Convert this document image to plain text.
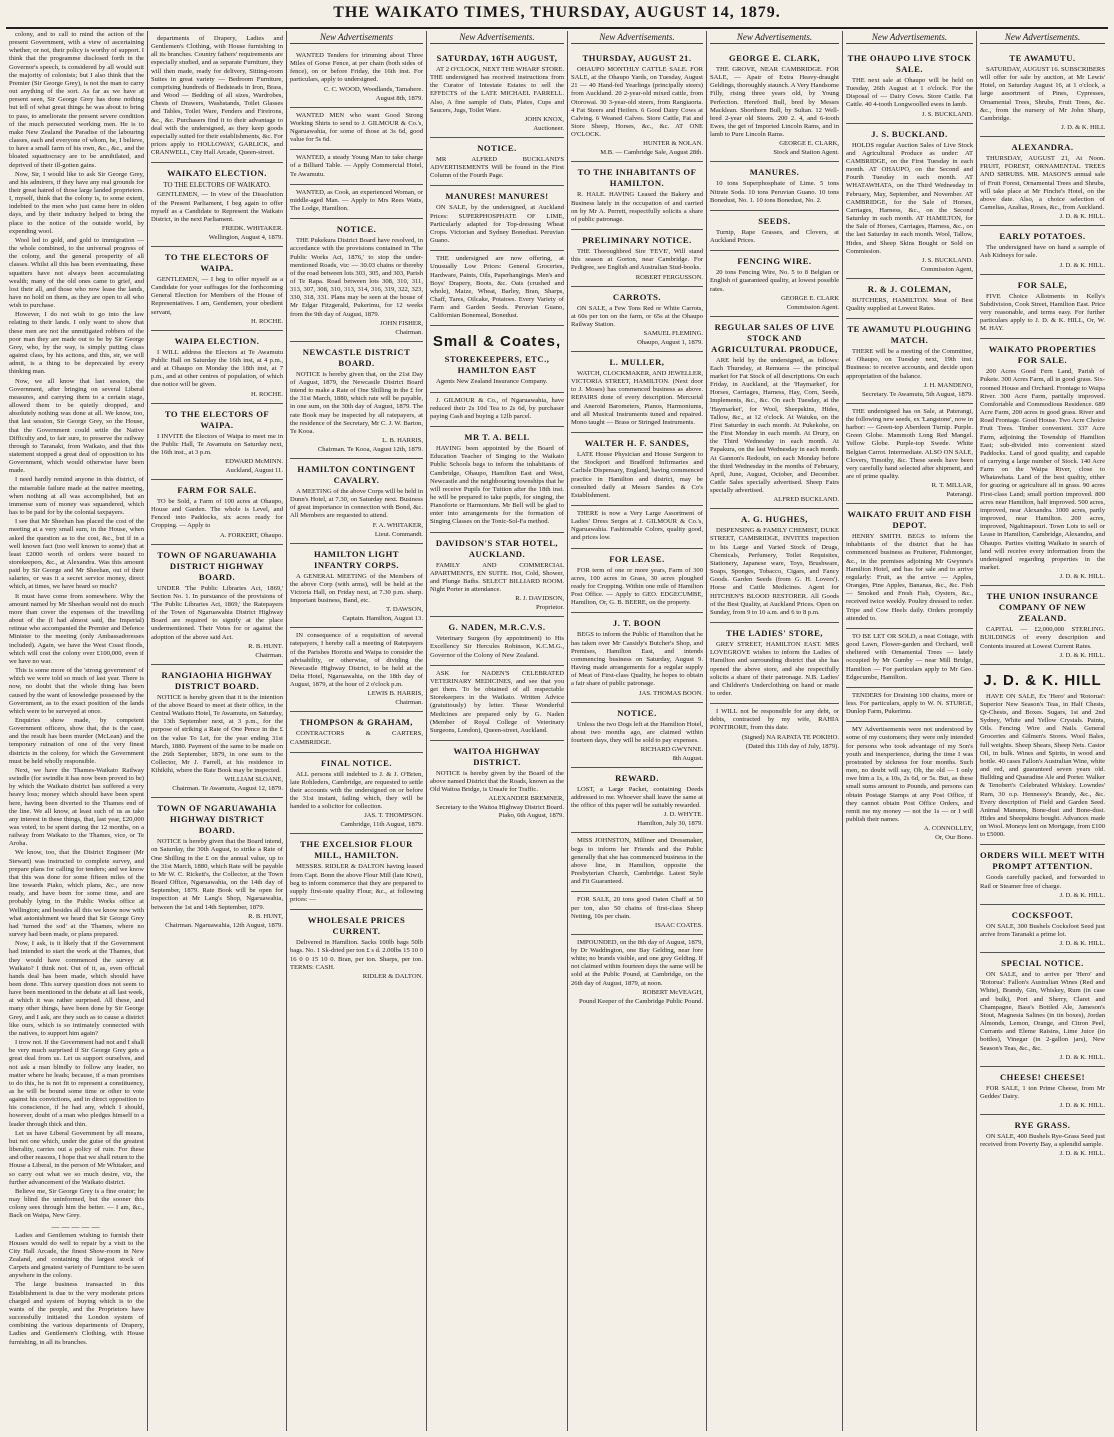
THE WAIKATO TIMES, THURSDAY, AUGUST 14, 1879.

colony, and to call to mind the action of the present Government, with a view of ascertaining whether, or not, their policy is worthy of support. I think that the programme disclosed forth in the Governor's speech, is considered by all would suit the majority of colonists; but I also think that the Premier (Sir George Grey), is not the man to carry out anything of the sort. As far as we have at present seen, Sir George Grey has done nothing but tell of what great things he was about to bring to pass, to ameliorate the present severe condition of the much persecuted working men. He is to make New Zealand the Paradise of the labouring classes, each and everyone of whom, he, I believe, to have a small farm of his own, &c., &c., and the bloated squattocracy are to be annihilated, and deprived of their ill-gotten gains.

Now, Sir, I would like to ask Sir George Grey, and his admirers, if they have any real grounds for their great hatred of those large landed proprietors. I, myself, think that the colony is, to some extent, indebted to the men who just came here in olden days, and by their industry helped to bring the place to the notice of the outside world, by expending wool.

Wool led to gold, and gold to immigration — the whole combined, to the universal progress of the colony, and the general prosperity of all classes. Whilst all this has been eventuating, these squatters have not always been accumulating wealth; many of the old ones came to grief, and lost their all, and those who now lease the lands, have no hold on them, as they are open to all who wish to purchase.

However, I do not wish to go into the law relating to their lands. I only want to show that these men are not the unmitigated robbers of the poor man they are made out to be by Sir George Grey, who, by the way, is simply putting class against class, by his actions, and this, sir, we will admit, is a thing to be deprecated by every thinking man.

Now, we all know that last session, the Government, after bringing on several Liberal measures, and carrying them to a certain stage, allowed them to be quietly dropped, and absolutely nothing was done at all. We know, too, that last session, Sir George Grey, so the House, that the Government could settle the Native Difficulty and, to fair sure, to preserve the railway through to Taranaki, from Waikato, and that this statement stopped a great deal of opposition to his Government, which would otherwise have been made.

I need hardly remind anyone in this district, of the miserable failure made at the native meeting, when nothing at all was accomplished, but an immense sum of money was squandered, which has to be paid for by the colonial taxpayers.

I see that Mr Sheehan has placed the cost of the meeting at a very small sum, in the House, when asked the question as to the cost, &c., but if in a well known fact (too well known to some) that at least £2000 worth of orders were issued to storekeepers, &c., at Alexandra. Was this amount paid by Sir George and Mr Sheehan, out of their salaries, or was it a secret service money, direct which, at times, we have heard so much?

It must have come from somewhere. Why the amount named by Mr Sheehan would not do much more than cover the expenses of the travelling about of the (I had almost said, the Imperial) retinue who accompanied the Premier and Defence Minister to the meeting (only Ambassadoresses included). Again, we have the West Coast floods, which will cost the colony over £100,000, even if we have no war.

This is some more of the 'strong government' of which we were told so much of last year. There is now, no doubt that the whole thing has been caused by the want of knowledge possessed by the Government, as to the exact position of the lands which were to be surveyed at once.

Enquiries show made, by competent Government officers, show that, the is the case, and the result has been murder (McLean) and the temporary ruination of one of the very finest districts in the colony, for which the Government must be held wholly responsible.

Next, we have the Thames-Waikato Railway swindle (for swindle it has now been proved to be) by which the Waikato district has suffered a very heavy loss; money which should have been spent here, having been diverted to the Thames end of the line. We all know, at least such of us as take any interest in these things, that, last year, £20,000 was voted, to be spent during the 12 months, on a railway from Waikato to the Thames, vice, or Te Aroha.

We know, too, that the District Engineer (Mr Stewart) was instructed to complete survey, and prepare plans for calling for tenders; and we know that this was done for some fifteen miles of the line towards Piako, which plans, &c., are now ready, and have been for some time, and are probably lying in the Public Works office at Wellington; and besides all this we know now with what astonishment we heard that Sir George Grey had 'turned the sod' at the Thames, where no survey had been made, or plans prepared.

Now, I ask, is it likely that if the Government had intended to start the work at the Thames, that they would have commenced the survey at Waikato? I think not. Out of it, as, even official hands deal has been made, which should have been done. This survey question does not seem to have been mentioned in the debate at all last week, at which it was rather surprised. All these, and many other things, have been done by Sir George Grey, and I ask, are they such as to cause a district like ours, which is so intimately connected with the natives, to support him again?

I trow not. If the Government had not and I shall be very much surprised if Sir George Grey gets a great deal from us. Let us support ourselves, and not ask a man blindly to follow any leader, no matter where he leads; because, if a man promises to do this, he is not fit to represent a constituency, as he will be bound some time or other to vote against his convictions, and in direct opposition to his conscience, if he had any, which I should, however, doubt of a man who pledges himself to a leader through thick and thin.

Let us have Liberal Government by all means, but not one which, under the guise of the greatest liberality, carries out a policy of ruin. For these and other reasons, I hope that we shall return to the House a Liberal, in the person of Mr Whitaker, and so carry out what we so much desire, viz, the further advancement of the Waikato district.

Believe me, Sir George Grey is a fine orator; he may blind the uninformed, but the sooner this colony sees through him the better. — I am, &c., Back on Waipa, New Grey.

—————

Ladies and Gentlemen wishing to furnish their Houses would do well to repair by a visit to the City Hall Arcade, the finest Show-room in New Zealand, and containing the largest stock of Carpets and greatest variety of Furniture to be seen anywhere in the colony.

The large business transacted in this Establishment is due to the very moderate prices charged and system of buying which is to the wants of the people, and the Proprietors have successfully initiated the London system of combining the various departments of Drapery, Ladies and Gentlemen's Clothing, with House furnishing, in all its branches.

departments of Drapery, Ladies and Gentlemen's Clothing, with House furnishing in all its branches. Country fathers' requirements are especially studied, and as separate Furniture, they will then made, ready for delivery, Sitting-room Suites in great variety — Bedroom Furniture, comprising hundreds of Bedsteads in Iron, Brass, and Wood — Bedding of all sizes, Wardrobes, Chests of Drawers, Washstands, Toilet Glasses and Tables, Toilet Ware, Fenders and Fireirons, &c., &c. Purchasers find it to their advantage to deal with the undersigned, as they keep goods especially suited for their establishments, &c. For prices apply to HOLLOWAY, GARLICK, and CRANWELL, City Hall Arcade, Queen-street.

WAIKATO ELECTION.
TO THE ELECTORS OF WAIKATO.

GENTLEMEN, — In view of the Dissolution of the Present Parliament, I beg again to offer myself as a Candidate to Represent the Waikato District, in the next Parliament.

FREDK. WHITAKER.
Wellington, August 4, 1879.
TO THE ELECTORS OF WAIPA.

GENTLEMEN, — I beg to offer myself as a Candidate for your suffrages for the forthcoming General Election for Members of the House of Representatives. I am, Gentlemen, your obedient servant,

H. ROCHE.
WAIPA ELECTION.

I WILL address the Electors at Te Awamutu Public Hall on Saturday the 16th inst, at 4 p.m., and at Ohaupo on Monday the 18th inst, at 7 p.m., and at other centres of population, of which due notice will be given.

H. ROCHE.
TO THE ELECTORS OF WAIPA.

I INVITE the Electors of Waipa to meet me in the Public Hall, Te Awamutu on Saturday next, the 16th inst., at 3 p.m.

EDWARD McMINN.
Auckland, August 11.
FARM FOR SALE.

TO be Sold, a Farm of 100 acres at Ohaupo, House and Garden. The whole is Level, and Fenced into Paddocks, six acres ready for Cropping. — Apply to

A. FORKERT, Ohaupo.
TOWN OF NGARUAWAHIA DISTRICT HIGHWAY BOARD.

UNDER 'The Public Libraries Act, 1869,' Section No. 1. In pursuance of the provisions of 'The Public Libraries Act, 1869,' the Ratepayers of the Town of Ngaruawahia District Highway Board are required to signify at the place undermentioned. Their Votes for or against the adoption of the above said Act.

R. B. HUNT.
Chairman.
RANGIAOHIA HIGHWAY DISTRICT BOARD.

NOTICE is hereby given that it is the intention of the above Board to meet at their office, in the Central Waikato Hotel, Te Awamutu, on Saturday, the 13th September next, at 3 p.m., for the purpose of striking a Rate of One Pence in the £ on the value To Let, for the year ending 31st March, 1880. Payment of the same to be made on the 26th September, 1879, in one sum to the Collector, Mr J. Farrell, at his residence in Kihikihi, where the Rate Book may be inspected.

WILLIAM SLOANE,
Chairman. Te Awamutu, August 12, 1879.
TOWN OF NGARUAWAHIA HIGHWAY DISTRICT BOARD.

NOTICE is hereby given that the Board intend, on Saturday, the 30th August, to strike a Rate of One Shilling in the £ on the annual value, up to the 31st March, 1880, which Rate will be payable to Mr W. C. Rickett's, the Collector, at the Town Board Office, Ngaruawahia, on the 14th day of September, 1879. Rate Book will be open for inspection at Mr Lang's Shop, Ngaruawahia, between the 1st and 14th September, 1879.

R. B. HUNT,
Chairman. Ngaruawahia, 12th August, 1879.
New Advertisements

WANTED Tenders for trimming about Three Miles of Gorse Fence, at per chain (both sides of fence), on or before Friday, the 16th inst. For particulars, apply to undersigned.

C. C. WOOD, Woodlands, Tamahere.
August 8th, 1879.

WANTED MEN who want Good Strong Working Shirts to send to J. GILMOUR & Co.'s, Ngaruawahia, for some of those at 3s 6d, good value for 5s 6d.

WANTED, a steady Young Man to take charge of a Billiard Table. — Apply Commercial Hotel, Te Awamutu.

WANTED, as Cook, an experienced Woman, or middle-aged Man. — Apply to Mrs Rees Watts, The Lodge, Hamilton.

NOTICE.

THE Pukekura District Board have resolved, in accordance with the provisions contained in 'The Public Works Act, 1876,' to stop the under-mentioned Roads, viz: — 30.03 chains or thereby of the road between lots 303, 305, and 303, Parish of Te Rapa. Road between lots 308, 310, 311, 313, 307, 308, 310, 313, 314, 316, 319, 322, 323, 330, 318, 331. Plans may be seen at the house of Mr Edgar Fitzgerald, Pukerimu, for 12 weeks from the 9th day of August, 1879.

JOHN FISHER,
Chairman.
NEWCASTLE DISTRICT BOARD.

NOTICE is hereby given that, on the 21st Day of August, 1879, the Newcastle District Board intend to make a Rate of One Shilling in the £ for the 31st March, 1880, which rate will be payable, in one sum, on the 30th day of August, 1879. The rate Book may be inspected by all ratepayers, at the residence of the Secretary, Mr C. J. W. Barton, Te Kooa.

L. B. HARRIS,
Chairman. Te Kooa, August 12th, 1879.
HAMILTON CONTINGENT CAVALRY.

A MEETING of the above Corps will be held in Dunn's Hotel, at 7.30, on Saturday next. Business of great importance in connection with Bond, &c. All Members are requested to attend.

F. A. WHITAKER,
Lieut. Commandt.
HAMILTON LIGHT INFANTRY CORPS.

A GENERAL MEETING of the Members of the above Corp (with arms), will be held at the Victoria Hall, on Friday next, at 7.30 p.m. sharp. Important business, Band, etc.

T. DAWSON,
Captain. Hamilton, August 13.

IN consequence of a requisition of several ratepayers, I hereby call a meeting of Ratepayers of the Parishes Horotiu and Waipa to consider the advisability, or otherwise, of dividing the Newcastle Highway District, to be held at the Delta Hotel, Ngaruawahia, on the 18th day of August, 1879, at the hour of 2 o'clock p.m.

LEWIS B. HARRIS,
Chairman.
THOMPSON & GRAHAM,

CONTRACTORS & CARTERS, CAMBRIDGE.

FINAL NOTICE.

ALL persons still indebted to J. & J. O'Brien, late Rohleders, Cambridge, are requested to settle their accounts with the undersigned on or before the 31st instant, failing which, they will be handed to a solicitor for collection.

JAS. T. THOMPSON.
Cambridge, 11th August, 1879.
THE EXCELSIOR FLOUR MILL, HAMILTON.

MESSRS. RIDLER & DALTON having leased from Capt. Bonn the above Flour Mill (late Kiwi), beg to inform commerce that they are prepared to supply first-rate quality Flour, &c., at following prices: —

WHOLESALE PRICES CURRENT.

Delivered in Hamilton. Sacks 100lb bags 50lb bags. No. 1 Sk-dried per ton £ s d. 2.00lbs 15 10 0 16 0 0 15 10 0. Bran, per ton. Sharps, per ton. TERMS: CASH.

RIDLER & DALTON.
New Advertisements.
SATURDAY, 16TH AUGUST,

AT 2 O'CLOCK, NEXT THE WHARF STORE. THE undersigned has received instructions from the Curator of Intestate Estates to sell the EFFECTS of the LATE MICHAEL FARRELL. Also, A fine sample of Oats, Plates, Cups and Saucers, Jugs, Toilet Ware.

JOHN KNOX,
Auctioneer.
NOTICE.

MR ALFRED BUCKLAND'S ADVERTISEMENTS Will be found in the First Column of the Fourth Page.

MANURES! MANURES!

ON SALE, by the undersigned, at Auckland Prices: SUPERPHOSPHATE OF LIME, Particularly adapted for Top-dressing Wheat Crops. Victorian and Sydney Bonedust. Peruvian Guano.

THE undersigned are now offering, at Unusually Low Prices: General Groceries, Hardware, Paints, Oils, Paperhangings. Men's and Boys' Drapery, Boots, &c. Oats (crushed and whole), Maize, Wheat, Barley, Bran, Sharps, Chaff, Tares, Oilcake, Potatoes. Every Variety of Farm and Garden Seeds. Peruvian Guano, Californian Bonemeal, Bonedust.

Small & Coates,
STOREKEEPERS, ETC., HAMILTON EAST

Agents New Zealand Insurance Company.

J. GILMOUR & Co., of Ngaruawahia, have reduced their 2s 10d Tea to 2s 6d, by purchaser paying Cash and buying a 12lb parcel.

MR T. A. BELL

HAVING been appointed by the Board of Education Teacher of Singing to the Waikato Public Schools begs to inform the inhabitants of Cambridge, Ohaupo, Hamilton East and West, Newcastle and the neighbouring townships that he will receive Pupils for Tuition after the 18th inst. he will be prepared to take pupils, for singing, the Pianoforte or Harmonium. Mr Bell will be glad to enter into arrangements for the formation of Singing Classes on the Tonic-Sol-Fa method.

DAVIDSON'S STAR HOTEL, AUCKLAND.

FAMILY AND COMMERCIAL APARTMENTS, EN SUITE. Hot, Cold, Shower, and Plunge Baths. SELECT BILLIARD ROOM. Night Porter in attendance.

R. J. DAVIDSON,
Proprietor.
G. NADEN, M.R.C.V.S.

Veterinary Surgeon (by appointment) to His Excellency Sir Hercules Robinson, K.C.M.G., Governor of the Colony of New Zealand.

ASK for NADEN'S CELEBRATED VETERINARY MEDICINES, and see that you get them. To be obtained of all respectable Storekeepers in the Waikato. Written Advice (gratuitously) by letter. These Wonderful Medicines are prepared only by G. Naden (Member of Royal College of Veterinary Surgeons, London), Queen-street, Auckland.

WAITOA HIGHWAY DISTRICT.

NOTICE is hereby given by the Board of the above named District that the Roads, known as the Old Waitoa Bridge, is Unsafe for Traffic.

ALEXANDER BREMNER,
Secretary to the Waitoa Highway District Board. Piako, 6th August, 1879.
New Advertisements.
THURSDAY, AUGUST 21.

OHAUPO MONTHLY CATTLE SALE. FOR SALE, at the Ohaupo Yards, on Tuesday, August 21 — 40 Hand-fed Yearlings (principally steers) from Auckland. 20 2-year-old mixed cattle, from Otorowai. 30 3-year-old steers, from Rangiaoria. 4 Fat Steers and Heifers. 6 Good Dairy Cows at Calving. 6 Weaned Calves. Store Cattle, Fat and Store Sheep, Horses, &c., &c. AT ONE O'CLOCK.

HUNTER & NOLAN.
M.B. — Cambridge Sale, August 28th.
TO THE INHABITANTS OF HAMILTON.

R. HALE. HAVING Leased the Bakery and Business lately in the occupation of and carried on by Mr A. Perrett, respectfully solicits a share of public patronage.

PRELIMINARY NOTICE.

THE Thoroughbred Sire 'FEVE', Will stand this season at Gorton, near Cambridge. For Pedigree, see English and Australian Stud-books.

ROBERT FERGUSSON.
CARROTS.

ON SALE, a Few Tons Red or White Carrots, at 60s per ton on the farm, or 65s at the Ohaupo Railway Station.

SAMUEL FLEMING.
Ohaupo, August 1, 1879.
L. MULLER,

WATCH, CLOCKMAKER, AND JEWELLER, VICTORIA STREET, HAMILTON. (Next door to J. Moses) has commenced business as above. REPAIRS done of every description. Mercurial and Aneroid Barometers, Pianos, Harmoniums, and all Musical Instruments tuned and repaired. Mono taught — Brass or Stringed Instruments.

WALTER H. F. SANDES,

LATE House Physician and House Surgeon to the Stockport and Bradford Infirmaries and Carlisle Dispensary, England, having commenced practice in Hamilton and district, may be consulted daily at Messrs Sandes & Co's Establishment.

THERE is now a Very Large Assortment of Ladies' Dress Serges at J. GILMOUR & Co.'s, Ngaruawahia. Fashionable Colors, quality good, and prices low.

FOR LEASE.

FOR term of one or more years, Farm of 300 acres, 100 acres in Grass, 30 acres ploughed ready for Cropping. Within one mile of Hamilton Post Office. — Apply to GEO. EDGECUMBE, Hamilton, Or, G. B. BEERE, on the property.

J. T. BOON

BEGS to inform the Public of Hamilton that he has taken over Mr Cassidy's Butcher's Shop, and Premises, Hamilton East, and intends commencing business on Saturday, August 9. Having made arrangements for a regular supply of Meat of First-class Quality, he hopes to obtain a fair share of public patronage.

JAS. THOMAS BOON.
NOTICE.

Unless the two Dogs left at the Hamilton Hotel, about two months ago, are claimed within fourteen days, they will be sold to pay expenses.

RICHARD GWYNNE.
8th August.
REWARD.

LOST, a Large Packet, containing Deeds addressed to me. Whoever shall leave the same at the office of this paper will be suitably rewarded.

J. D. WHYTE.
Hamilton, July 30, 1879.

MISS JOHNSTON, Milliner and Dressmaker, begs to inform her Friends and the Public generally that she has commenced business in the above line, in Hamilton, opposite the Presbyterian Church, Cambridge. Latest Style and Fit Guaranteed.

FOR SALE, 20 tons good Oaten Chaff at 50 per ton, also 50 chains of first-class Sheep Netting, 10s per chain.

ISAAC COATES.

IMPOUNDED, on the 8th day of August, 1879, by Dr Waddington, one Bay Gelding, near fore white; no brands visible, and one grey Gelding. If not claimed within fourteen days the same will be sold at the Public Pound, at Cambridge, on the 26th day of August, 1879, at noon.

ROBERT McVEAGH,
Pound Keeper of the Cambridge Public Pound.
New Advertisements.
GEORGE E. CLARK,

THE GROVE, NEAR CAMBRIDGE. FOR SALE, — Apair of Extra Heavy-draught Geldings, thoroughly staunch. A Very Handsome Filly, rising three years old, by Young Perfection. Hereford Bull, bred by Messrs Macklean. Shorthorn Bull, by Sultan. 12 Well-bred 2-year old Steers. 200 2. 4, and 6-tooth Ewes, the get of Imported Lincoln Rams, and in lamb to Pure Lincoln Rams.

GEORGE E. CLARK,
Stock and Station Agent.
MANURES.

10 tons Superphosphate of Lime. 5 tons Nitrate Soda. 10 tons Peruvian Guano. 10 tons Bonedust, No. 1. 10 tons Bonedust, No. 2.

SEEDS.

Turnip, Rape Grasses, and Clovers, at Auckland Prices.

FENCING WIRE.

20 tons Fencing Wire, No. 5 to 8 Belgian or English of guaranteed quality, at lowest possible rates.

GEORGE E. CLARK
Commission Agent.
REGULAR SALES OF LIVE STOCK AND AGRICULTURAL PRODUCE,

ARE held by the undersigned, as follows: Each Thursday, at Remuera — the principal market for Fat Stock of all descriptions. On each Friday, in Auckland, at the 'Haymarket', for Horses, Carriages, Harness, Hay, Corn, Seeds, Implements, &c., &c. On each Tuesday, at the 'Haymarket', for Wool, Sheepskins, Hides, Tallow, &c., at 12 o'clock. At Waiuku, on the First Saturday in each month. At Pukekohe, on the First Monday in each month. At Drury, on the Third Wednesday in each month. At Papakura, on the last Wednesday in each month. At Gannon's Redoubt, on each Monday before the third Wednesday in the months of February, April, June, August, October, and December. Cattle Sales specially advertised. Sheep Fairs specially advertised.

ALFRED BUCKLAND.
A. G. HUGHES,

DISPENSING & FAMILY CHEMIST, DUKE STREET, CAMBRIDGE, INVITES inspection to his Large and Varied Stock of Drugs, Chemicals, Perfumery, Toilet Requisites, Stationery, Japanese ware, Toys, Brushware, Soaps, Sponges, Tobacco, Cigars, and Fancy Goods. Garden Seeds (from G. H. Lovers'). Horse and Cattle Medicines. Agent for HITCHEN'S BLOOD RESTORER. All Goods of the Best Quality, at Auckland Prices. Open on Sunday, from 9 to 10 a.m. and 6 to 8 p.m.

THE LADIES' STORE,

GREY STREET, HAMILTON EAST. MRS LOVEGROVE wishes to inform the Ladies of Hamilton and surrounding district that she has opened the above store, and she respectfully solicits a share of their patronage. N.B. Ladies' and Children's Underclothing on hand or made to order.

I WILL not be responsible for any debt, or debts, contracted by my wife, RAHIA PONTIRORE, from this date.

(Signed) NA RAPATA TE POKIHO.
(Dated this 11th day of July, 1879).
New Advertisements.
THE OHAUPO LIVE STOCK SALE.

THE next sale at Ohaupo will be held on Tuesday, 26th August at 1 o'clock. For the Disposal of — Dairy Cows. Store Cattle. Fat Cattle. 40 4-tooth Longwoolled ewes in lamb.

J. S. BUCKLAND.
J. S. BUCKLAND.

HOLDS regular Auction Sales of Live Stock and Agricultural Produce as under: AT CAMBRIDGE, on the First Tuesday in each month. AT OHAUPO, on the Second and Fourth Tuesday in each month. AT WHATAWHATA, on the Third Wednesday in February, May, September, and November. AT CAMBRIDGE, for the Sale of Horses, Carriages, Harness, &c., on the Second Saturday in each month. AT HAMILTON, for the Sale of Horses, Carriages, Harness, &c., on the last Saturday in each month. Wool, Tallow, Hides, and Sheep Skins Bought or Sold on Commission.

J. S. BUCKLAND.
Commission Agent,
R. & J. COLEMAN,

BUTCHERS, HAMILTON. Meat of Best Quality supplied at Lowest Rates.

TE AWAMUTU PLOUGHING MATCH.

THERE will be a meeting of the Committee, at Ohaupo, on Tuesday next, 19th inst. Business: to receive accounts, and decide upon appropriation of the balance.

J. H. MANDENO,
Secretary. Te Awamutu, 5th August, 1879.

THE undersigned has on Sale, at Paterangi, the following new seeds, ex 'Langstone', now in harbor: — Green-top Aberdeen Turnip. Purple. Green Globe. Mammoth Long Red Mangel. Yellow Globe. Purple-top Swede. White Belgian Carrot. Intermediate. ALSO ON SALE, Clovers, Timothy, &c. These seeds have been very carefully hand selected after shipment, and are of prime quality.

R. T. MILLAR,
Paterangi.
WAIKATO FRUIT AND FISH DEPOT.

HENRY SMITH. BEGS to inform the inhabitants of the district that he has commenced business as Fruiterer, Fishmonger, &c., in the premises adjoining Mr Gwynne's Hamilton Hotel, and has for sale and to arrive regularly: Fruit, as the arrive — Apples, Oranges, Pine Apples, Bananas, &c., &c. Fish — Smoked and Fresh Fish, Oysters, &c., received twice weekly. Poultry dressed to order. Tripe and Cow Heels daily. Orders promptly attended to.

TO BE LET OR SOLD, a neat Cottage, with good Lawn, Flower-garden and Orchard, well sheltered with Ornamental Trees — lately occupied by Mr Gumby — near Mill Bridge, Hamilton — For particulars apply to Mr Geo. Edgecumbe, Hamilton.

TENDERS for Draining 100 chains, more or less. For particulars, apply to W. N. STURGE, Dunlop Farm, Pukerimu.

MY Advertisements were not understood by some of my customers; they were only intended for persons who took advantage of my Son's youth and inexperience, during the time I was prostrated by sickness for four months. Such men, no doubt will say, Oh, the old — I only owe him a 1s, a 10s, 2s 6d, or 5s. But, as these small sums amount to Pounds, and persons can obtain Postage Stamps at any Post Office, if they cannot obtain Post Office Orders, and remit me my money — not the 1s — or I will publish their names.

A. CONNOLLEY,
Or, Our Bono.
New Advertisements.
TE AWAMUTU.

SATURDAY, AUGUST 16. SUBSCRIBERS will offer for sale by auction, at Mr Lewis' Hotel, on Saturday August 16, at 1 o'clock, a large assortment of Pines, Cypresses, Ornamental Trees, Shrubs, Fruit Trees, &c. &c., from the nursery of Mr John Sharp, Cambridge.

J. D. & K. HILL
ALEXANDRA.

THURSDAY, AUGUST 21, At Noon. FRUIT, FOREST, ORNAMENTAL TREES AND SHRUBS. MR. MASON'S annual sale of Fruit Forest, Ornamental Trees and Shrubs, will take place at Mr Finche's Hotel, on the above date. Also, a choice selection of Camelias, Azalias, Roses, &c., from Auckland.

J. D. & K. HILL.
EARLY POTATOES.

The undersigned have on hand a sample of Ash Kidneys for sale.

J. D. & K. HILL.
FOR SALE,

FIVE Choice Allotments in Kelly's Subdivision, Cook Street, Hamilton East. Price very reasonable, and terms easy. For further particulars apply to J. D. & K. HILL, Or, W. M. HAY.

WAIKATO PROPERTIES FOR SALE.

200 Acres Good Fern Land, Parish of Pukete. 300 Acres Farm, all in good grass. Six-roomed House and Orchard. Frontage to Waipa River. 300 Acre Farm, partially improved. Comfortable and Commodious Residence. 689 Acre Farm, 200 acres in good grass. River and Road Frontage. Good House. Two Acre Choice Fruit Trees. Timber convenient. 337 Acre Farm, adjoining the Township of Hamilton East; sub-divided into convenient sized Paddocks. Land of good quality, and capable of carrying a large number of Stock. 140 Acre Farm on the Waipa River, close to Whatawhata. Land of the best quality, either for grazing or agriculture all in grass. 90 acres First-class Land; small portion improved. 800 acres near Hamilton, half improved. 500 acres, improved, near Alexandra. 1000 acres, partly improved, near Hamilton. 200 acres, improved, Ngahinapouri. Town Lots to sell or Lease in Hamilton, Cambridge, Alexandra, and Ohaupo. Parties visiting Waikato in search of land will receive every information from the undersigned regarding properties in the market.

J. D. & K. HILL.
THE UNION INSURANCE COMPANY OF NEW ZEALAND.

CAPITAL — £2,000,000 STERLING. BUILDINGS of every description and Contents insured at Lowest Current Rates.

J. D. & K. HILL.
J. D. & K. HILL

HAVE ON SALE, Ex 'Hero' and 'Rotorua': Superior New Season's Teas, in Half Chests, Qr-Chests, and Boxes. Sugars, 1st and 2nd Sydney, White and Yellow Crystals. Paints, Oils. Fencing Wire and Nails. General Groceries and Gilmen's Stores. Wool Bales, full weights. Sheep Shears, Sheep Nets. Castor Oil, in bulk. Wines and Spirits, in wood and bottle. 40 cases Fallon's Australian Wine, white and red, and guaranteed seven years old. Bullding and Quaradine Ale and Porter. Walker & Tenobert's Celebrated Whiskey. Lowndes' Rum, 30 o.p. Hennessy's Brandy, &c., &c. Every description of Field and Garden Seed. Animal Manures, Bone-dust and Bone-dust. Hides and Sheepskins bought. Advances made on Wool. Moneys lent on Mortgage, from £100 to £5000.

ORDERS WILL MEET WITH PROMPT ATTENTION.

Goods carefully packed, and forwarded to Rail or Steamer free of charge.

J. D. & K. HILL.
COCKSFOOT.

ON SALE, 300 Bushels Cocksfoot Seed just arrive from Taranaki a prime lot.

J. D. & K. HILL.
SPECIAL NOTICE.

ON SALE, and to arrive per 'Hero' and 'Rotorua': Fallon's Australian Wines (Red and White), Brandy, Gin, Whiskey, Rum (in case and bulk), Port and Sherry, Claret and Champagne, Bass's Bottled Ale, Jameson's Stout, Magnesia Salines (in tin boxes), Jordan Almonds, Lemon, Orange, and Citron Peel, Currants and Eleme Raisins, Lime Juice (in bottles), Vinegar (in 2-gallon jars), New Season's Teas, &c., &c.

J. D. & K. HILL.
CHEESE! CHEESE!

FOR SALE, 1 ton Prime Cheese, from Mr Geddes' Dairy.

J. D. & K. HILL.
RYE GRASS.

ON SALE, 400 Bushels Rye-Grass Seed just received from Poverty Bay, a splendid sample.

J. D. & K. HILL.
